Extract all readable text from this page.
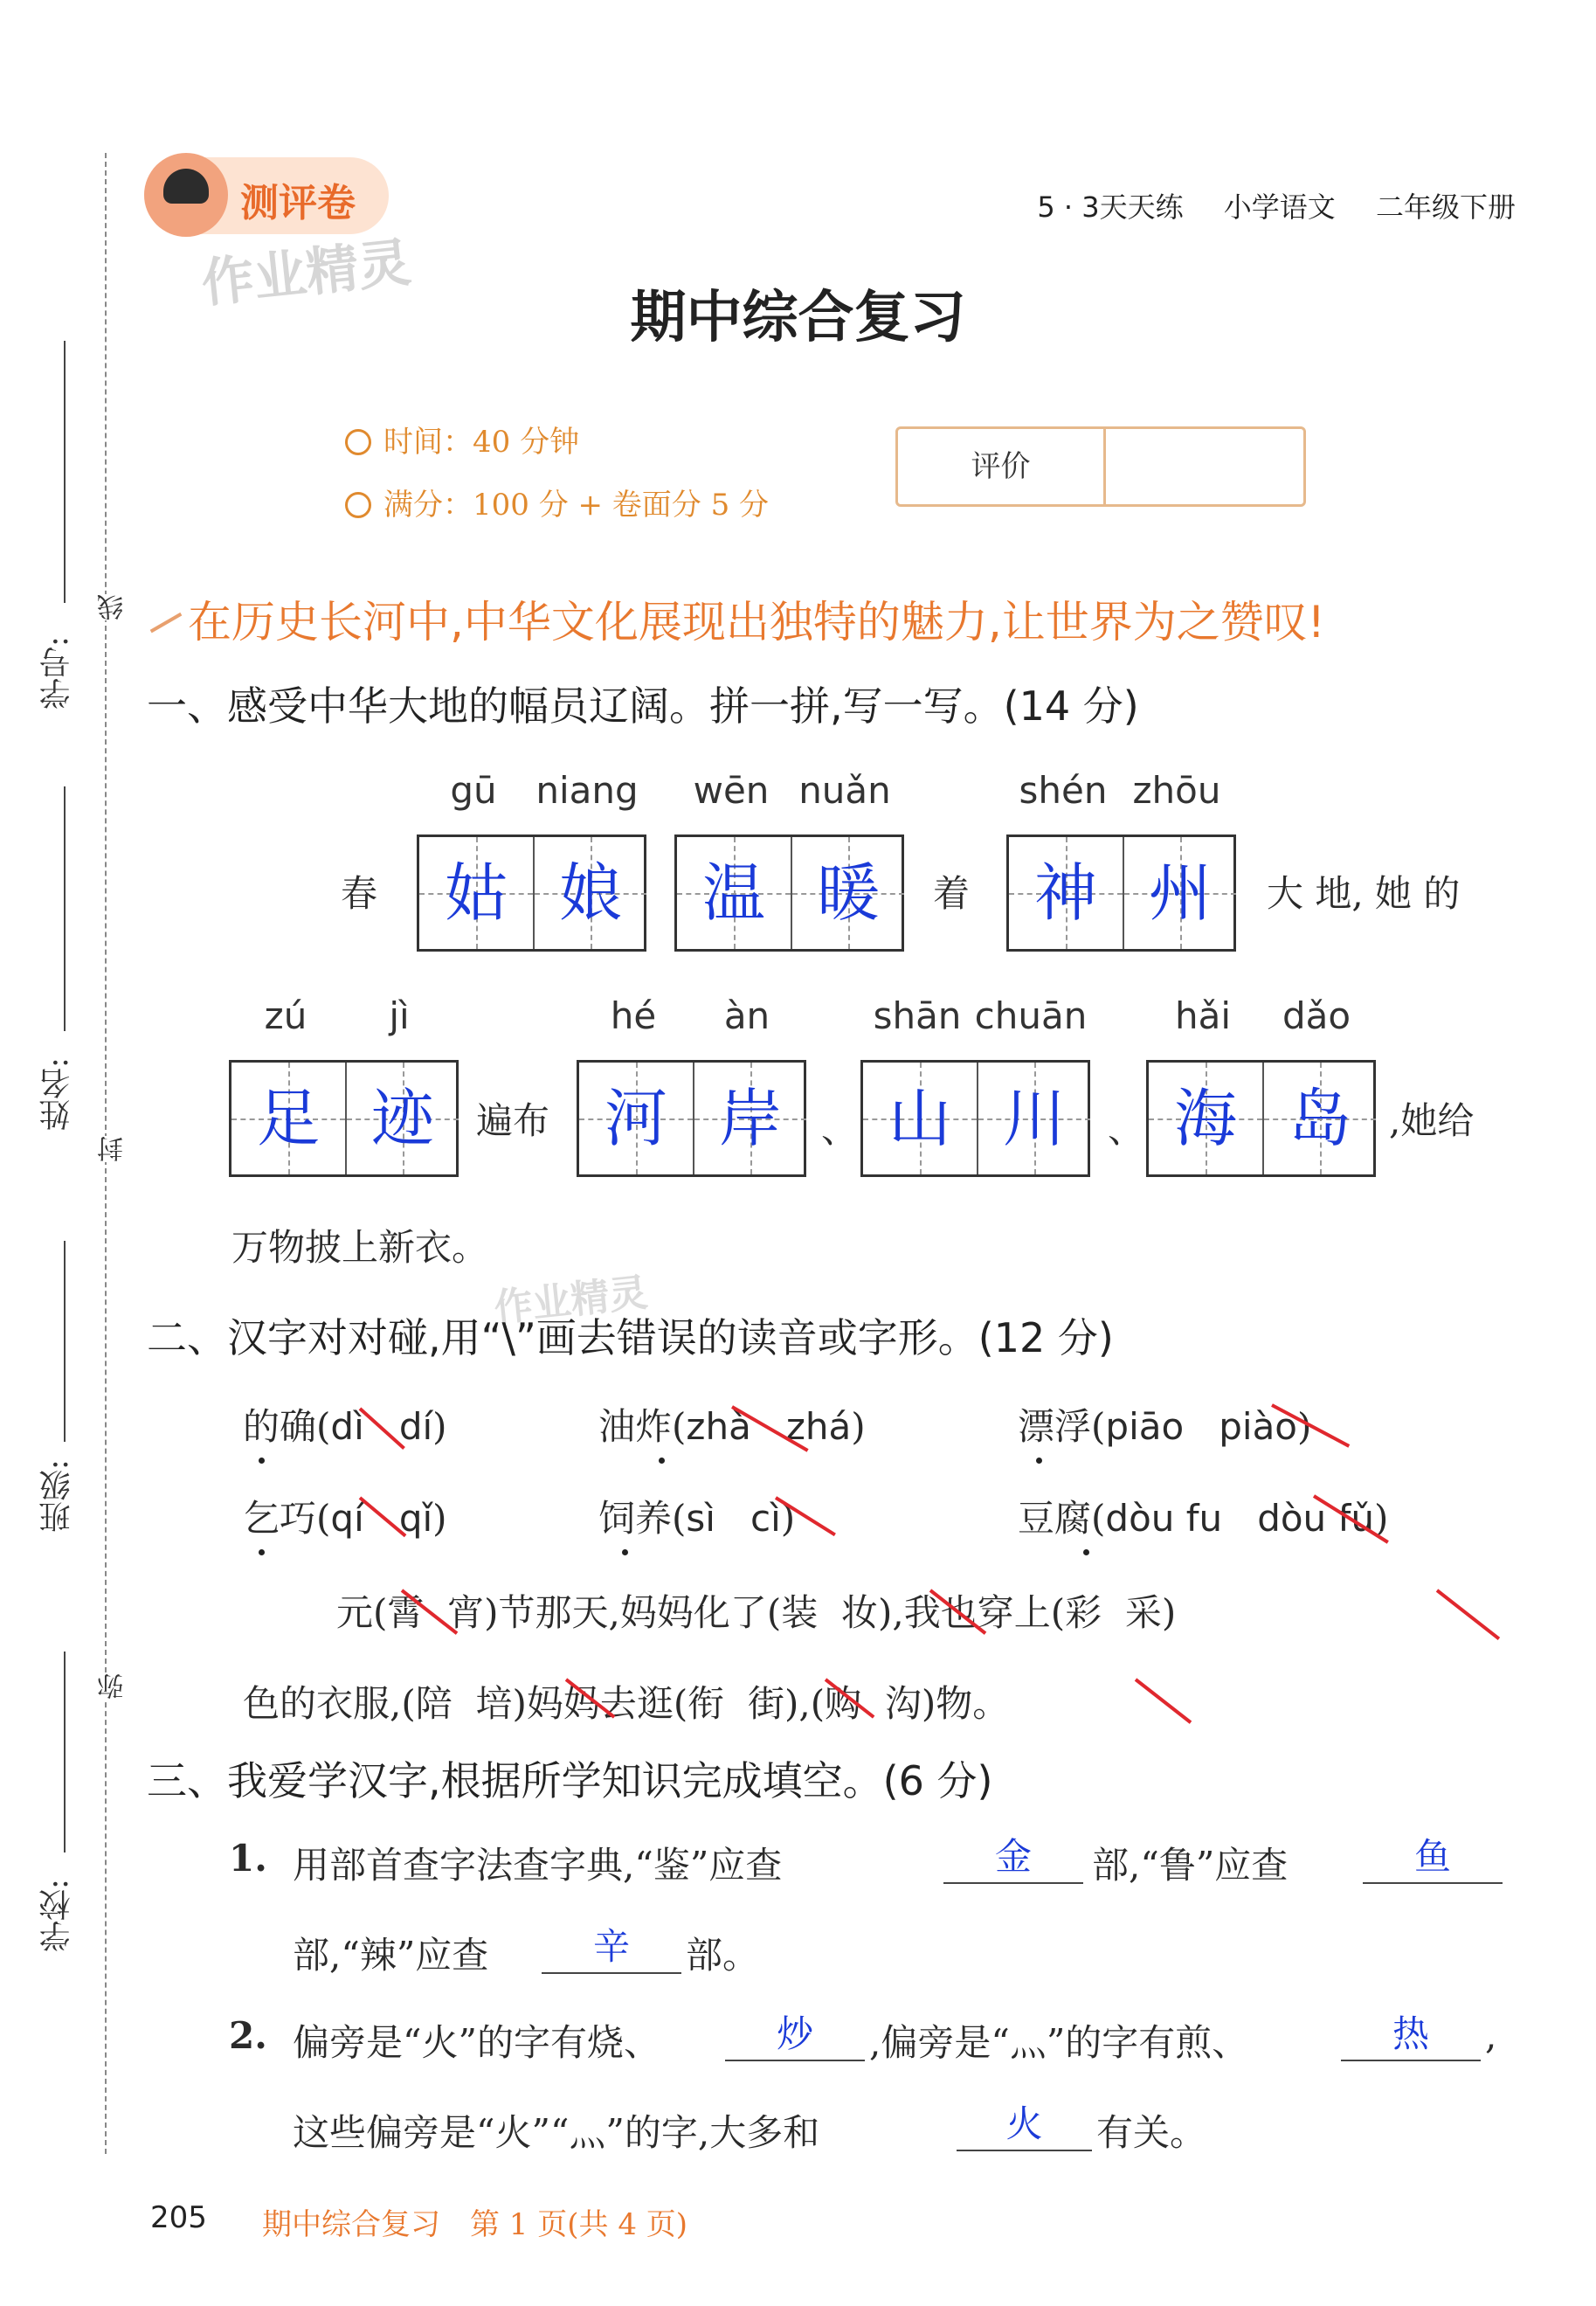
学号:
姓名:
班级:
学校:
线
封
弥
测评卷
作业精灵
5 · 3天天练 小学语文 二年级下册
期中综合复习
时间：40 分钟
满分：100 分 + 卷面分 5 分
评价
在历史长河中,中华文化展现出独特的魅力,让世界为之赞叹!
一、感受中华大地的幅员辽阔。拼一拼,写一写。(14 分)
gū	niang	wēn nuǎn	shén zhōu
春	姑 娘	温 暖	着	神 州	大 地, 她 的
zú	jì	hé	àn	shān chuān	hǎi	dǎo
足 迹	遍布 河 岸	、 山 川	、 海 岛	,她给
万物披上新衣。
作业精灵
二、汉字对对碰,用“\”画去错误的读音或字形。(12 分)
的确(dì dí)	油炸(zhà zhá)	漂浮(piāo piào)
乞巧(qí qǐ)	饲养(sì cì)	豆腐(dòu fu dòu fǔ)
元(霄 宵)节那天,妈妈化了(装 妆),我也穿上(彩 采)
色的衣服,(陪 培)妈妈去逛(衔 街),(购 沟)物。
三、我爱学汉字,根据所学知识完成填空。(6 分)
1. 用部首查字法查字典,“鉴”应查	金	部,“鲁”应查	鱼
部,“辣”应查	辛	部。
2. 偏旁是“火”的字有烧、	炒	,偏旁是“灬”的字有煎、	热	,
这些偏旁是“火”“灬”的字,大多和	火	有关。
205 期中综合复习　第 1 页(共 4 页)
